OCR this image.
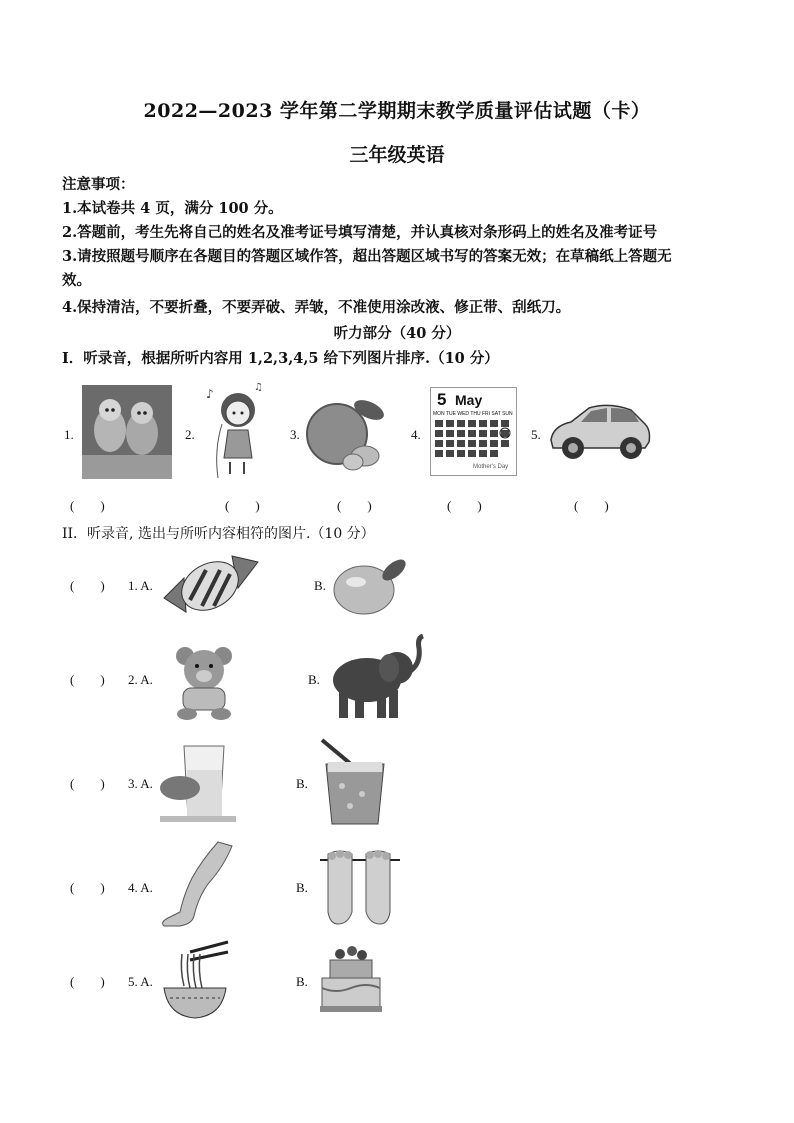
2022—2023 学年第二学期期末教学质量评估试题（卡）
三年级英语
注意事项：
1.本试卷共 4 页，满分 100 分。
2.答题前，考生先将自己的姓名及准考证号填写清楚，并认真核对条形码上的姓名及准考证号
3.请按照题号顺序在各题目的答题区域作答，超出答题区域书写的答案无效；在草稿纸上答题无
效。
4.保持清洁，不要折叠，不要弄破、弄皱，不准使用涂改液、修正带、刮纸刀。
听力部分（40 分）
I．听录音，根据所听内容用 1,2,3,4,5 给下列图片排序.（10 分）
1.	2.
♪	♫
3.	4.
5 May
MON TUE WED THU FRI SAT SUN
Mother's Day
5.
(        )	(        )	(        )	(        )	(        )
II．听录音, 选出与所听内容相符的图片.（10 分）
(        ) 1. A.	B.
(        ) 2. A.	B.
(        ) 3. A.	B.
(        ) 4. A.	B.
(        ) 5. A.	B.
